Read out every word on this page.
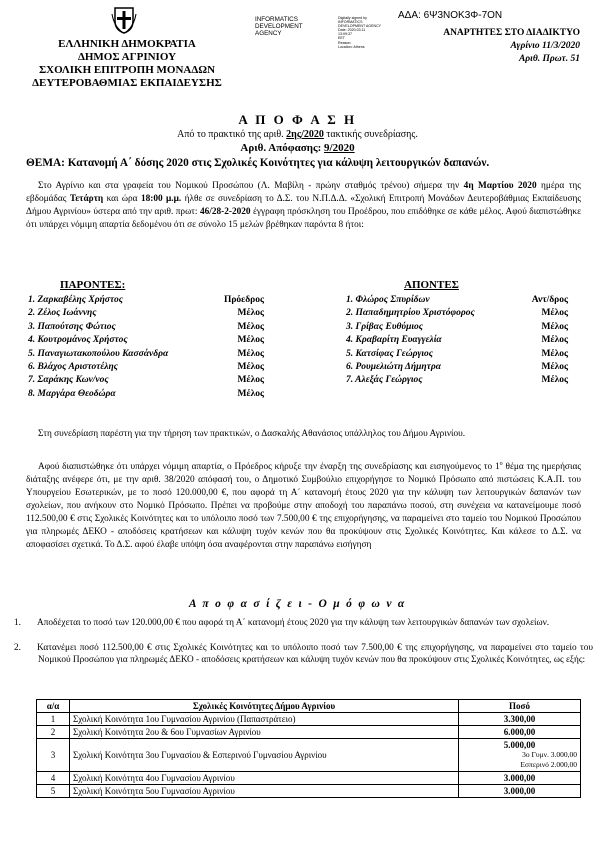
ΕΛΛΗΝΙΚΗ ΔΗΜΟΚΡΑΤΙΑ
ΔΗΜΟΣ ΑΓΡΙΝΙΟΥ
ΣΧΟΛΙΚΗ ΕΠΙΤΡΟΠΗ ΜΟΝΑΔΩΝ
ΔΕΥΤΕΡΟΒΑΘΜΙΑΣ ΕΚΠΑΙΔΕΥΣΗΣ
INFORMATICS
DEVELOPMENT
AGENCY
Digitally signed by
INFORMATICS
DEVELOPMENT AGENCY
Date: 2020.03.11
13:09:37
EET
Reason:
Location: Athens
ΑΔΑ: 6Ψ3ΝΟΚ3Φ-7ΟΝ
ΑΝΑΡΤΗΤΕΣ ΣΤΟ ΔΙΑΔΙΚΤΥΟ
Αγρίνιο 11/3/2020
Αριθ. Πρωτ. 51
Α Π Ο Φ Α Σ Η
Από το πρακτικό της αριθ. 2ης/2020 τακτικής συνεδρίασης.
Αριθ. Απόφασης: 9/2020
ΘΕΜΑ: Κατανομή Α΄ δόσης 2020 στις Σχολικές Κοινότητες για κάλυψη λειτουργικών δαπανών.
Στο Αγρίνιο και στα γραφεία του Νομικού Προσώπου (Λ. Μαβίλη - πρώην σταθμός τρένου) σήμερα την 4η Μαρτίου 2020 ημέρα της εβδομάδας Τετάρτη και ώρα 18:00 μ.μ. ήλθε σε συνεδρίαση το Δ.Σ. του Ν.Π.Δ.Δ. «Σχολική Επιτροπή Μονάδων Δευτεροβάθμιας Εκπαίδευσης Δήμου Αγρινίου» ύστερα από την αριθ. πρωτ: 46/28-2-2020 έγγραφη πρόσκληση του Προέδρου, που επιδόθηκε σε κάθε μέλος. Αφού διαπιστώθηκε ότι υπάρχει νόμιμη απαρτία δεδομένου ότι σε σύνολο 15 μελών βρέθηκαν παρόντα 8 ήτοι:
ΠΑΡΟΝΤΕΣ:
1. Ζαρκαβέλης Χρήστος	Πρόεδρος
2. Ζέλος Ιωάννης	Μέλος
3. Παπούτσης Φώτιος	Μέλος
4. Κουτρομάνος Χρήστος	Μέλος
5. Παναγιωτακοπούλου Κασσάνδρα	Μέλος
6. Βλάχος Αριστοτέλης	Μέλος
7. Σαράκης Κων/νος	Μέλος
8. Μαργάρα Θεοδώρα	Μέλος
ΑΠΟΝΤΕΣ
1. Φλώρος Σπυρίδων	Αντ/δρος
2. Παπαδημητρίου Χριστόφορος	Μέλος
3. Γρίβας Ευθύμιος	Μέλος
4. Κραβαρίτη Ευαγγελία	Μέλος
5. Κατσίφας Γεώργιος	Μέλος
6. Ρουμελιώτη Δήμητρα	Μέλος
7. Αλεξάς Γεώργιος	Μέλος
Στη συνεδρίαση παρέστη για την τήρηση των πρακτικών, ο Δασκαλής Αθανάσιος υπάλληλος του Δήμου Αγρινίου.
Αφού διαπιστώθηκε ότι υπάρχει νόμιμη απαρτία, ο Πρόεδρος κήρυξε την έναρξη της συνεδρίασης και εισηγούμενος το $1^o$ θέμα της ημερήσιας διάταξης ανέφερε ότι, με την αριθ. 38/2020 απόφασή του, ο Δημοτικό Συμβούλιο επιχορήγησε το Νομικό Πρόσωπο από πιστώσεις Κ.Α.Π. του Υπουργείου Εσωτερικών, με το ποσό 120.000,00 €, που αφορά τη Α΄ κατανομή έτους 2020 για την κάλυψη των λειτουργικών δαπανών των σχολείων, που ανήκουν στο Νομικό Πρόσωπο. Πρέπει να προβούμε στην αποδοχή του παραπάνω ποσού, στη συνέχεια να κατανείμουμε ποσό 112.500,00 € στις Σχολικές Κοινότητες και το υπόλοιπο ποσό των 7.500,00 € της επιχορήγησης, να παραμείνει στο ταμείο του Νομικού Προσώπου για πληρωμές ΔΕΚΟ - αποδόσεις κρατήσεων και κάλυψη τυχόν κενών που θα προκύψουν στις Σχολικές Κοινότητες. Και κάλεσε το Δ.Σ. να αποφασίσει σχετικά. Το Δ.Σ. αφού έλαβε υπόψη όσα αναφέρονται στην παραπάνω εισήγηση
Α π ο φ α σ ί ζ ε ι - Ο μ ό φ ω ν α
1. Αποδέχεται το ποσό των 120.000,00 € που αφορά τη Α΄ κατανομή έτους 2020 για την κάλυψη των λειτουργικών δαπανών των σχολείων.
2. Κατανέμει ποσό 112.500,00 € στις Σχολικές Κοινότητες και το υπόλοιπο ποσό των 7.500,00 € της επιχορήγησης, να παραμείνει στο ταμείο του Νομικού Προσώπου για πληρωμές ΔΕΚΟ - αποδόσεις κρατήσεων και κάλυψη τυχόν κενών που θα προκύψουν στις Σχολικές Κοινότητες, ως εξής:
α/α	Σχολικές Κοινότητες Δήμου Αγρινίου	Ποσό
1	Σχολική Κοινότητα 1ου Γυμνασίου Αγρινίου (Παπαστράτειο)	3.300,00
2	Σχολική Κοινότητα 2ου & 6ου Γυμνασίων Αγρινίου	6.000,00
3	Σχολική Κοινότητα 3ου Γυμνασίου & Εσπερινού Γυμνασίου Αγρινίου	5.000,00
3ο Γυμν. 3.000,00
Εσπερινό 2.000,00

4	Σχολική Κοινότητα 4ου Γυμνασίου Αγρινίου	3.000,00
5	Σχολική Κοινότητα 5ου Γυμνασίου Αγρινίου	3.000,00
